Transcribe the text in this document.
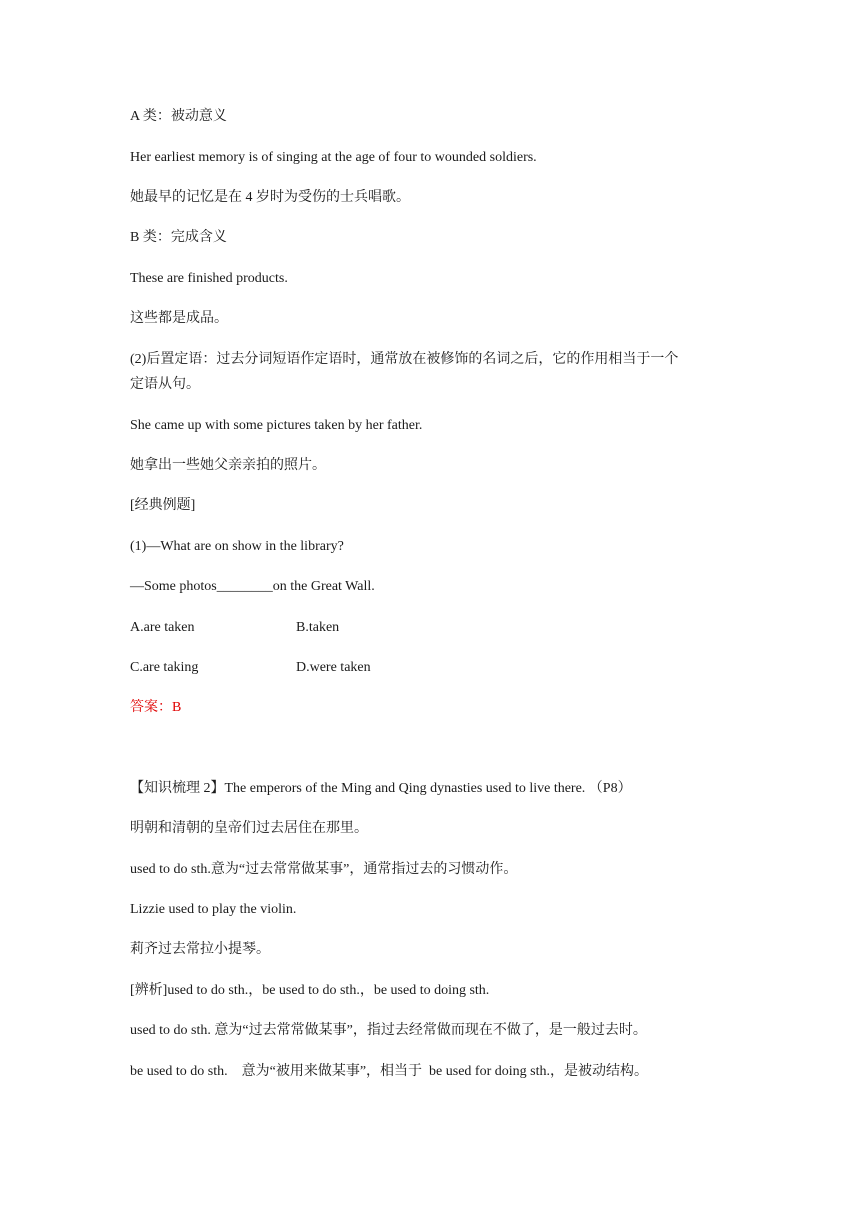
A 类：被动意义
Her earliest memory is of singing at the age of four to wounded soldiers.
她最早的记忆是在 4 岁时为受伤的士兵唱歌。
B 类：完成含义
These are finished products.
这些都是成品。
(2)后置定语：过去分词短语作定语时，通常放在被修饰的名词之后，它的作用相当于一个
定语从句。
She came up with some pictures taken by her father.
她拿出一些她父亲亲拍的照片。
[经典例题]
(1)—What are on show in the library?
—Some photos________on the Great Wall.
A.are taken	B.taken
C.are taking	D.were taken
答案：B
【知识梳理 2】The emperors of the Ming and Qing dynasties used to live there. （P8）
明朝和清朝的皇帝们过去居住在那里。
used to do sth.意为“过去常常做某事”，通常指过去的习惯动作。
Lizzie used to play the violin.
莉齐过去常拉小提琴。
[辨析]used to do sth.，be used to do sth.，be used to doing sth.
used to do sth. 意为“过去常常做某事”，指过去经常做而现在不做了，是一般过去时。
be used to do sth.    意为“被用来做某事”，相当于  be used for doing sth.，是被动结构。
